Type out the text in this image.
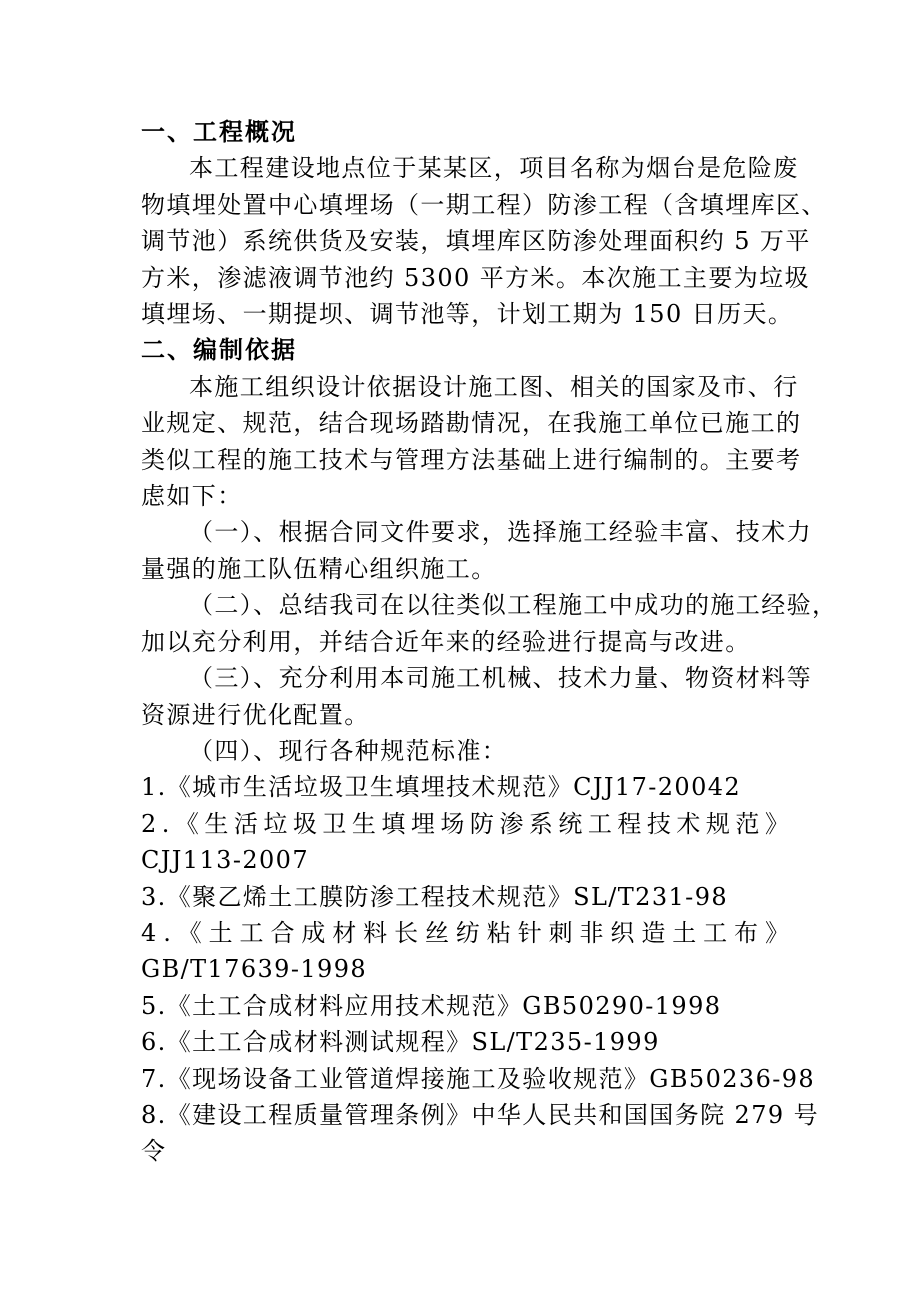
一、工程概况
本工程建设地点位于某某区，项目名称为烟台是危险废
物填埋处置中心填埋场（一期工程）防渗工程（含填埋库区、
调节池）系统供货及安装，填埋库区防渗处理面积约 5 万平
方米，渗滤液调节池约 5300 平方米。本次施工主要为垃圾
填埋场、一期提坝、调节池等，计划工期为 150 日历天。
二、编制依据
本施工组织设计依据设计施工图、相关的国家及市、行
业规定、规范，结合现场踏勘情况，在我施工单位已施工的
类似工程的施工技术与管理方法基础上进行编制的。主要考
虑如下：
（一）、根据合同文件要求，选择施工经验丰富、技术力
量强的施工队伍精心组织施工。
（二）、总结我司在以往类似工程施工中成功的施工经验，
加以充分利用，并结合近年来的经验进行提高与改进。
（三）、充分利用本司施工机械、技术力量、物资材料等
资源进行优化配置。
（四）、现行各种规范标准：
1.《城市生活垃圾卫生填埋技术规范》CJJ17-20042
2 . 《 生 活 垃 圾 卫 生 填 埋 场 防 渗 系 统 工 程 技 术 规 范 》
CJJ113-2007
3.《聚乙烯土工膜防渗工程技术规范》SL/T231-98
4 . 《 土 工 合 成 材 料 长 丝 纺 粘 针 刺 非 织 造 土 工 布 》
GB/T17639-1998
5.《土工合成材料应用技术规范》GB50290-1998
6.《土工合成材料测试规程》SL/T235-1999
7.《现场设备工业管道焊接施工及验收规范》GB50236-98
8.《建设工程质量管理条例》中华人民共和国国务院 279 号
令
